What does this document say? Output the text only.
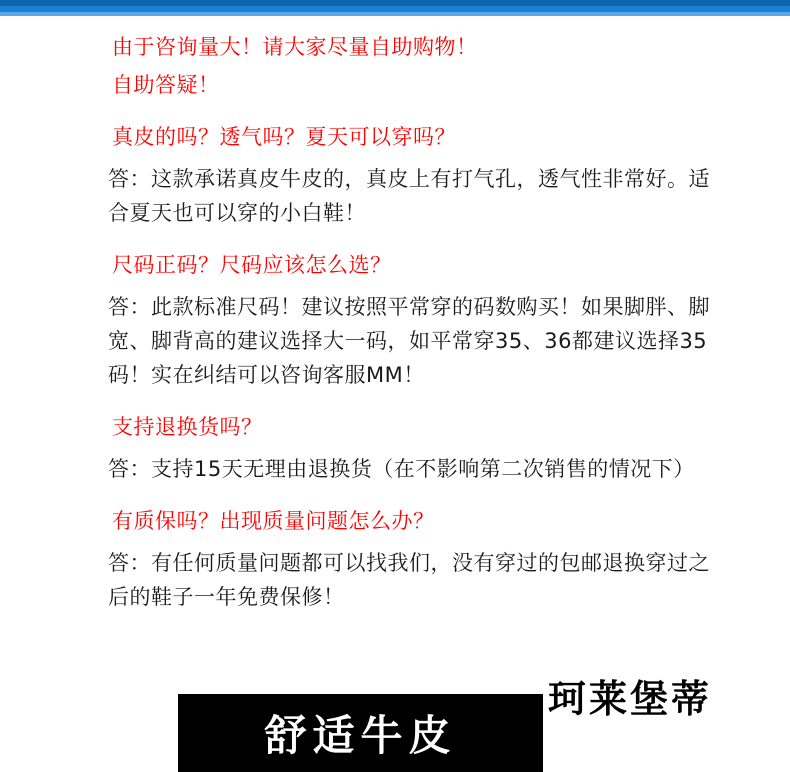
由于咨询量大！请大家尽量自助购物！

自助答疑！

真皮的吗？透气吗？夏天可以穿吗？

答：这款承诺真皮牛皮的，真皮上有打气孔，透气性非常好。适合夏天也可以穿的小白鞋！

尺码正码？尺码应该怎么选？

答：此款标准尺码！建议按照平常穿的码数购买！如果脚胖、脚宽、脚背高的建议选择大一码，如平常穿35、36都建议选择35码！实在纠结可以咨询客服MM！

支持退换货吗？

答：支持15天无理由退换货（在不影响第二次销售的情况下）

有质保吗？出现质量问题怎么办？

答：有任何质量问题都可以找我们，没有穿过的包邮退换穿过之后的鞋子一年免费保修！

珂莱堡蒂
舒适牛皮
